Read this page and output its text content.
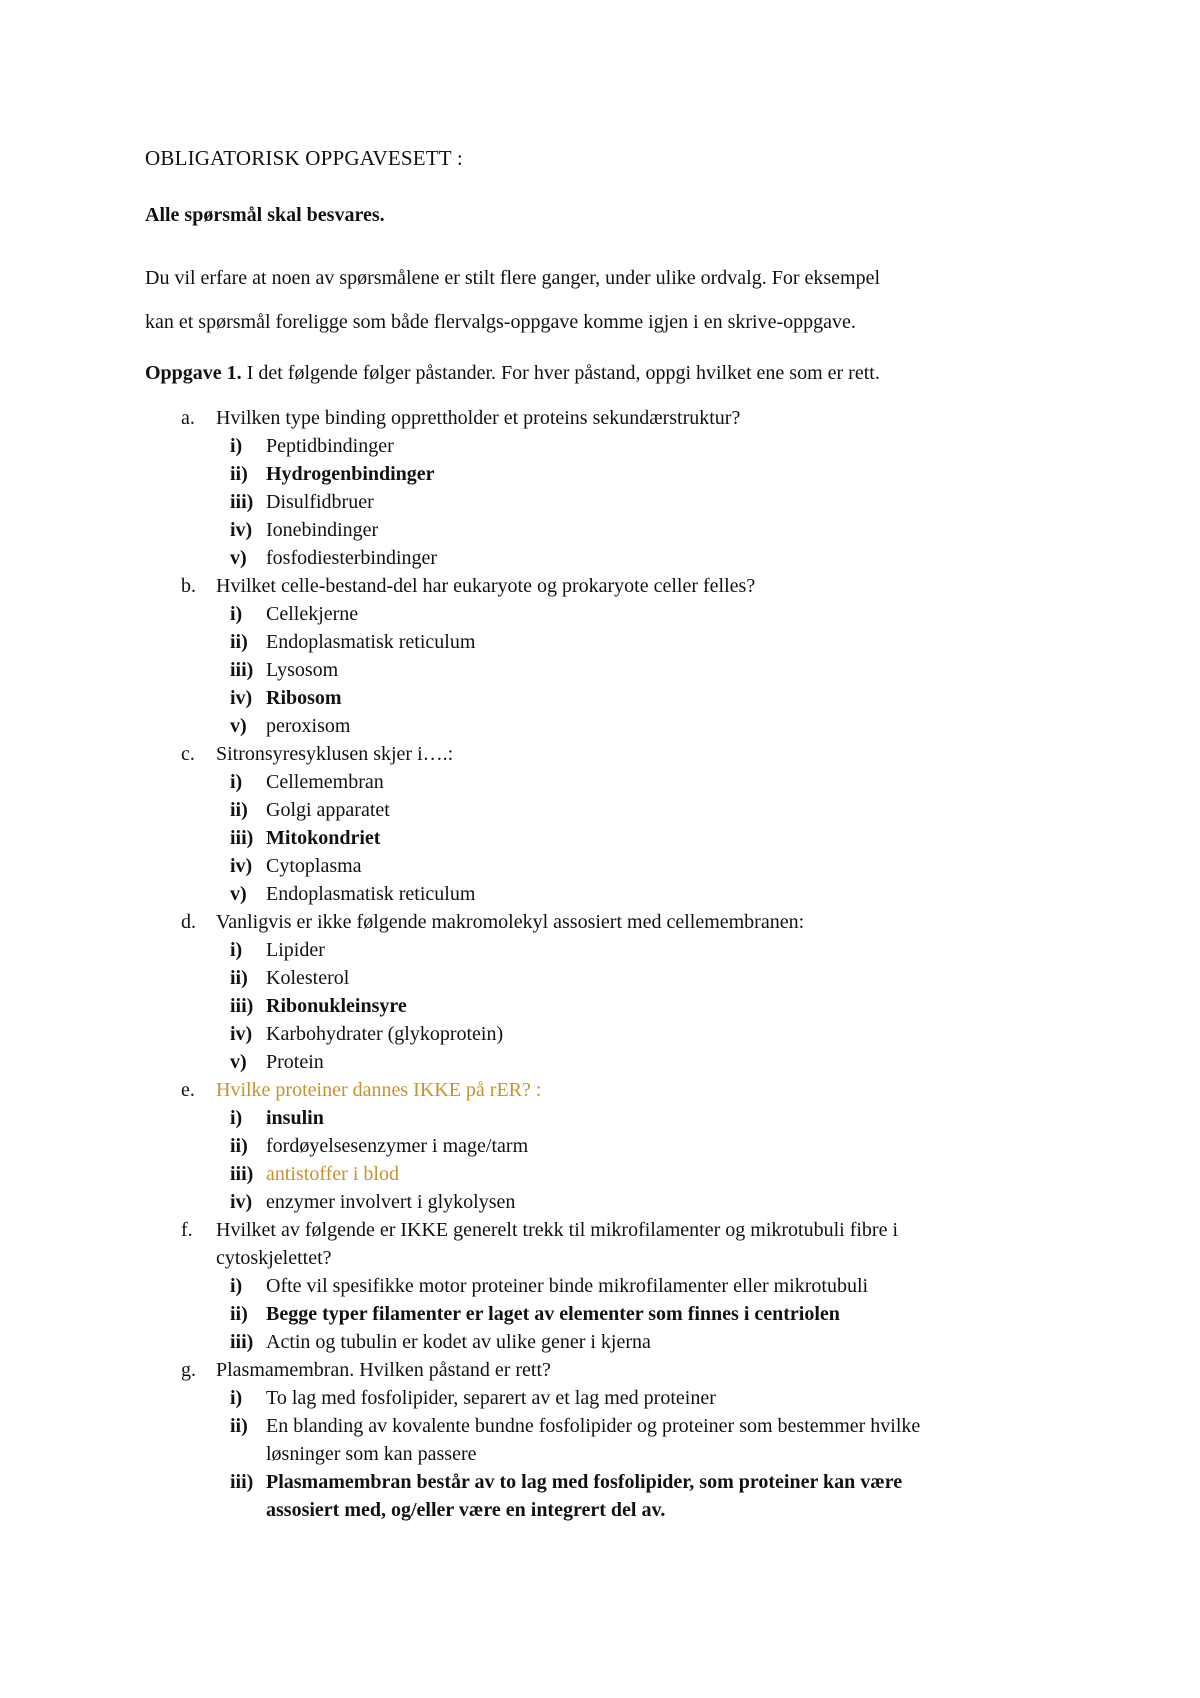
OBLIGATORISK OPPGAVESETT :
Alle spørsmål skal besvares.

Du vil erfare at noen av spørsmålene er stilt flere ganger, under ulike ordvalg. For eksempel

kan et spørsmål foreligge som både flervalgs-oppgave komme igjen i en skrive-oppgave.

Oppgave 1. I det følgende følger påstander. For hver påstand, oppgi hvilket ene som er rett.
a. Hvilken type binding opprettholder et proteins sekundærstruktur?
i) Peptidbindinger
ii) Hydrogenbindinger
iii) Disulfidbruer
iv) Ionebindinger
v) fosfodiesterbindinger
b. Hvilket celle-bestand-del har eukaryote og prokaryote celler felles?
i) Cellekjerne
ii) Endoplasmatisk reticulum
iii) Lysosom
iv) Ribosom
v) peroxisom
c. Sitronsyresyklusen skjer i….:
i) Cellemembran
ii) Golgi apparatet
iii) Mitokondriet
iv) Cytoplasma
v) Endoplasmatisk reticulum
d. Vanligvis er ikke følgende makromolekyl assosiert med cellemembranen:
i) Lipider
ii) Kolesterol
iii) Ribonukleinsyre
iv) Karbohydrater (glykoprotein)
v) Protein
e. Hvilke proteiner dannes IKKE på rER? :
i) insulin
ii) fordøyelsesenzymer i mage/tarm
iii) antistoffer i blod
iv) enzymer involvert i glykolysen
f. Hvilket av følgende er IKKE generelt trekk til mikrofilamenter og mikrotubuli fibre i
cytoskjelettet?
i) Ofte vil spesifikke motor proteiner binde mikrofilamenter eller mikrotubuli
ii) Begge typer filamenter er laget av elementer som finnes i centriolen
iii) Actin og tubulin er kodet av ulike gener i kjerna
g. Plasmamembran. Hvilken påstand er rett?
i) To lag med fosfolipider, separert av et lag med proteiner
ii) En blanding av kovalente bundne fosfolipider og proteiner som bestemmer hvilke
løsninger som kan passere
iii) Plasmamembran består av to lag med fosfolipider, som proteiner kan være
assosiert med, og/eller være en integrert del av.
